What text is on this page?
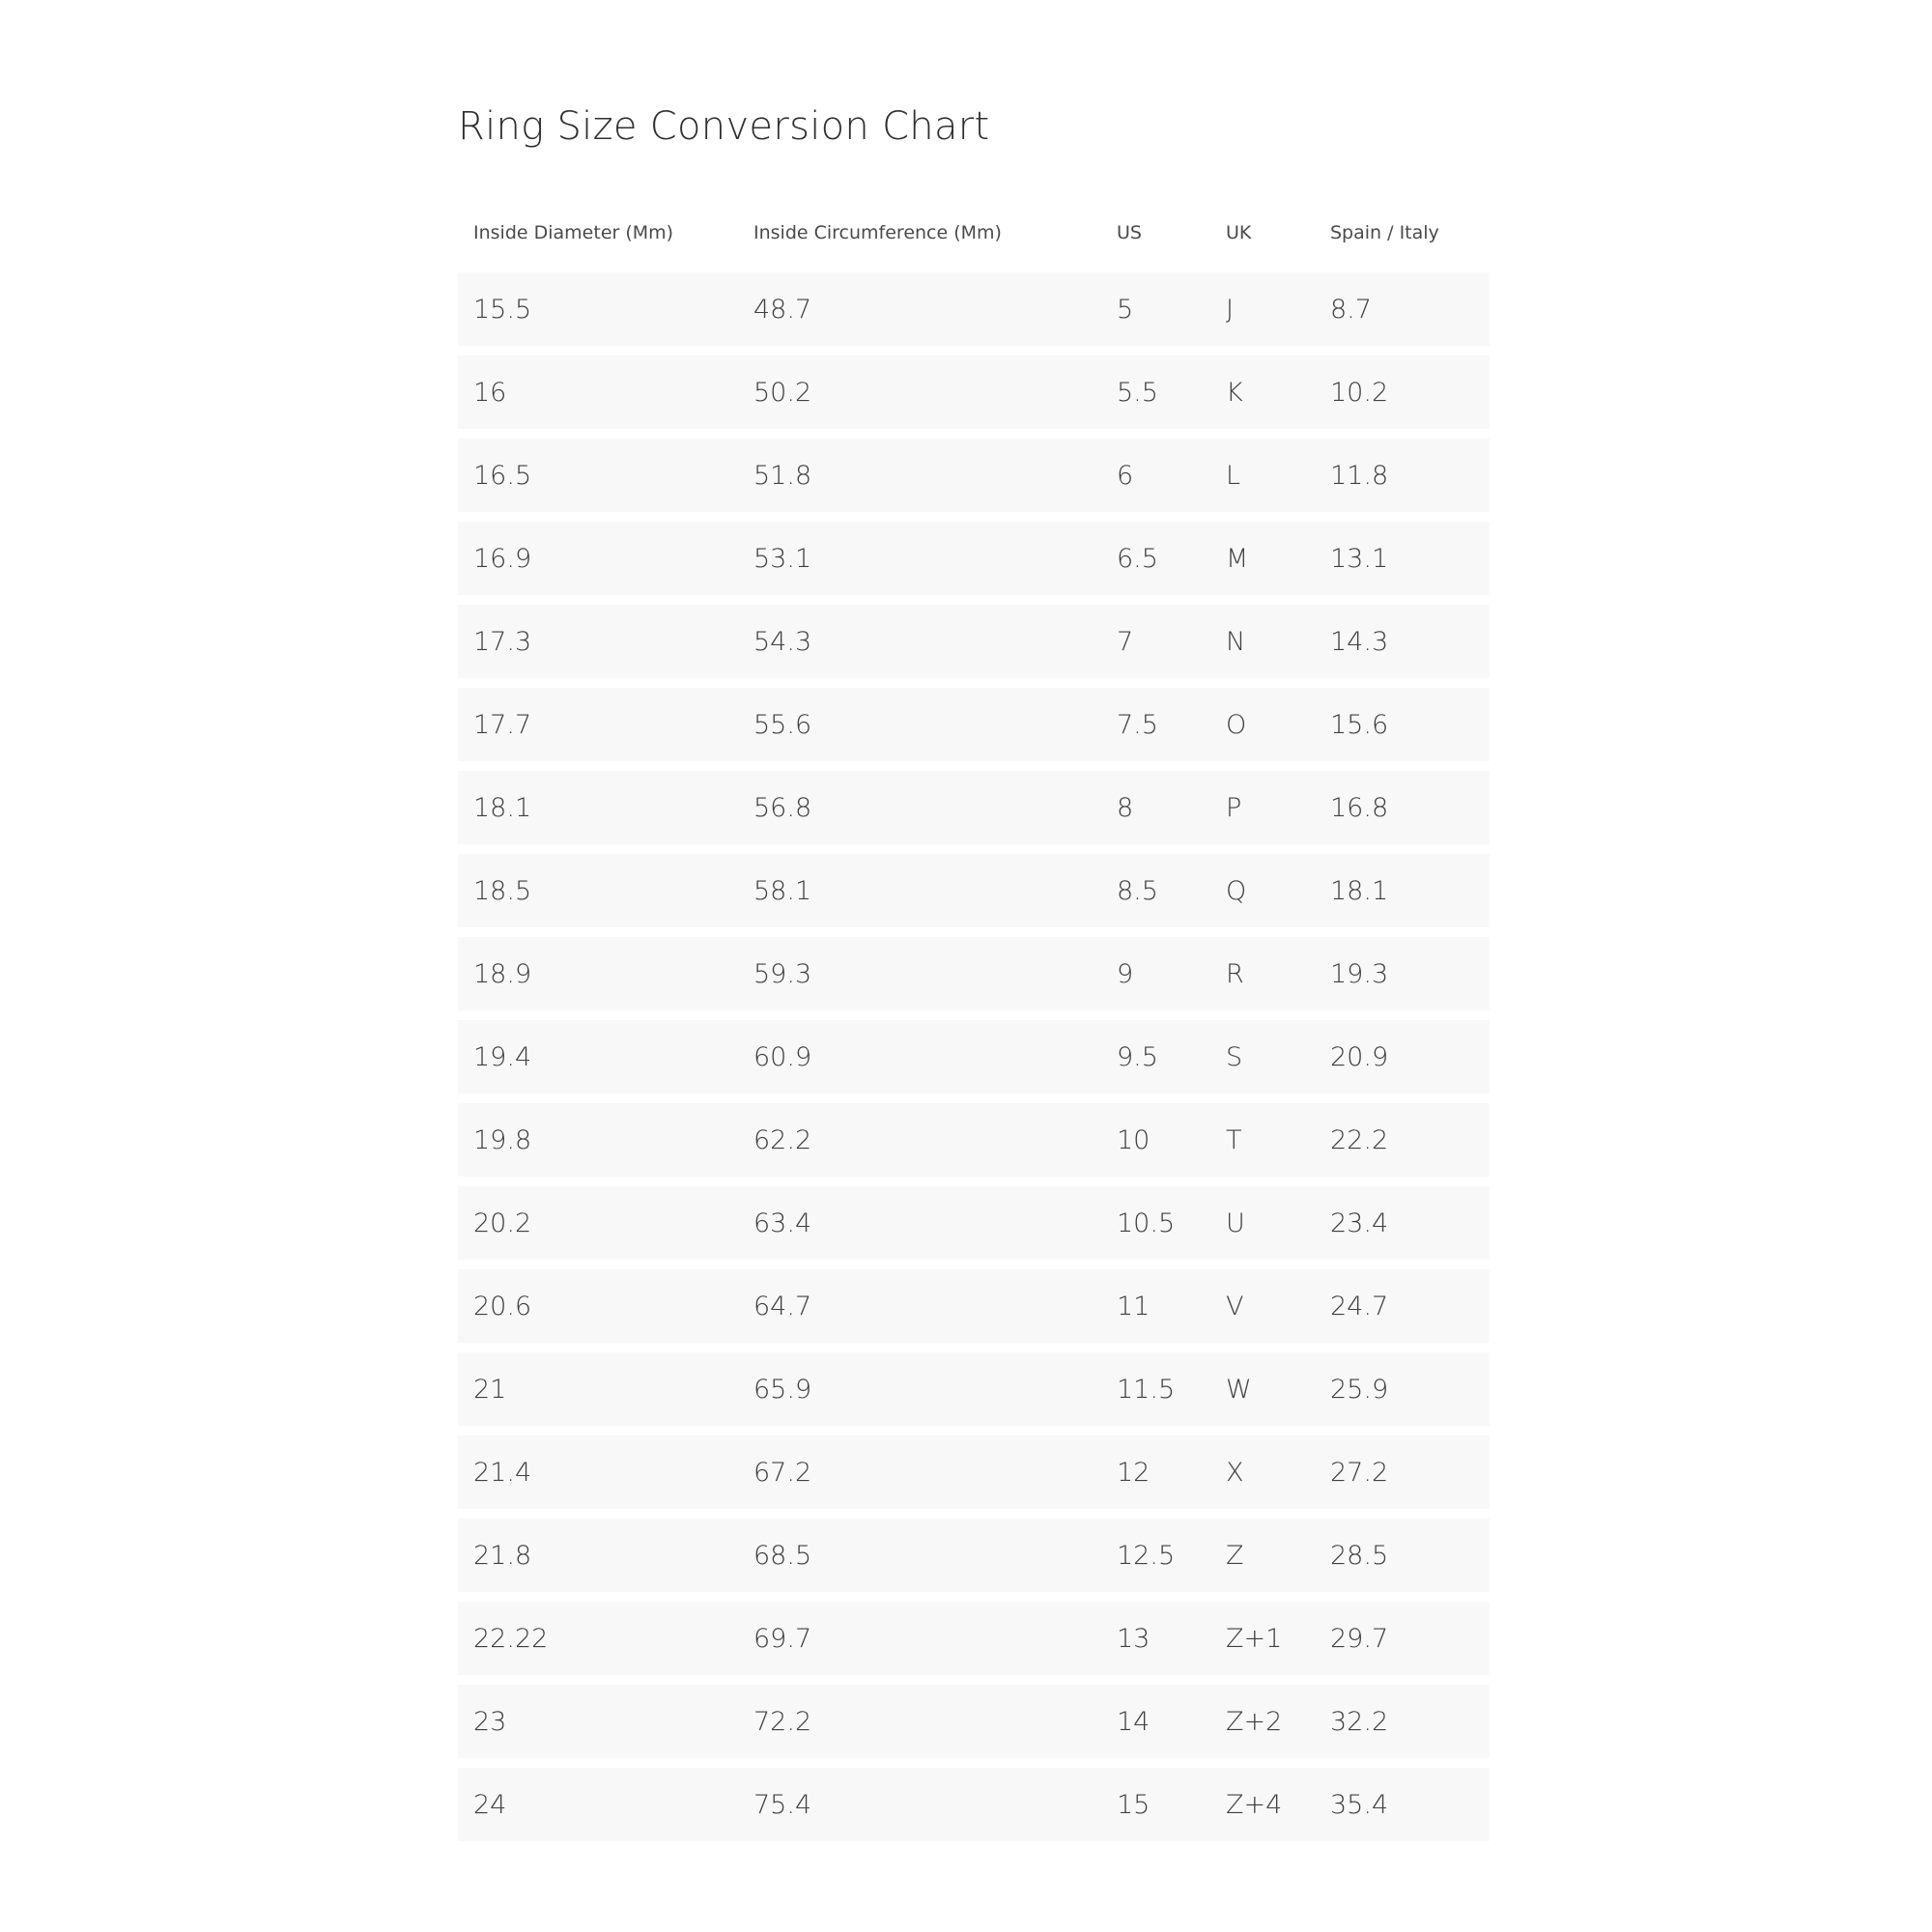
Ring Size Conversion Chart
Inside Diameter (Mm)	Inside Circumference (Mm)	US	UK	Spain / Italy
15.5	48.7	5	J	8.7
16	50.2	5.5	K	10.2
16.5	51.8	6	L	11.8
16.9	53.1	6.5	M	13.1
17.3	54.3	7	N	14.3
17.7	55.6	7.5	O	15.6
18.1	56.8	8	P	16.8
18.5	58.1	8.5	Q	18.1
18.9	59.3	9	R	19.3
19.4	60.9	9.5	S	20.9
19.8	62.2	10	T	22.2
20.2	63.4	10.5	U	23.4
20.6	64.7	11	V	24.7
21	65.9	11.5	W	25.9
21.4	67.2	12	X	27.2
21.8	68.5	12.5	Z	28.5
22.22	69.7	13	Z+1	29.7
23	72.2	14	Z+2	32.2
24	75.4	15	Z+4	35.4
